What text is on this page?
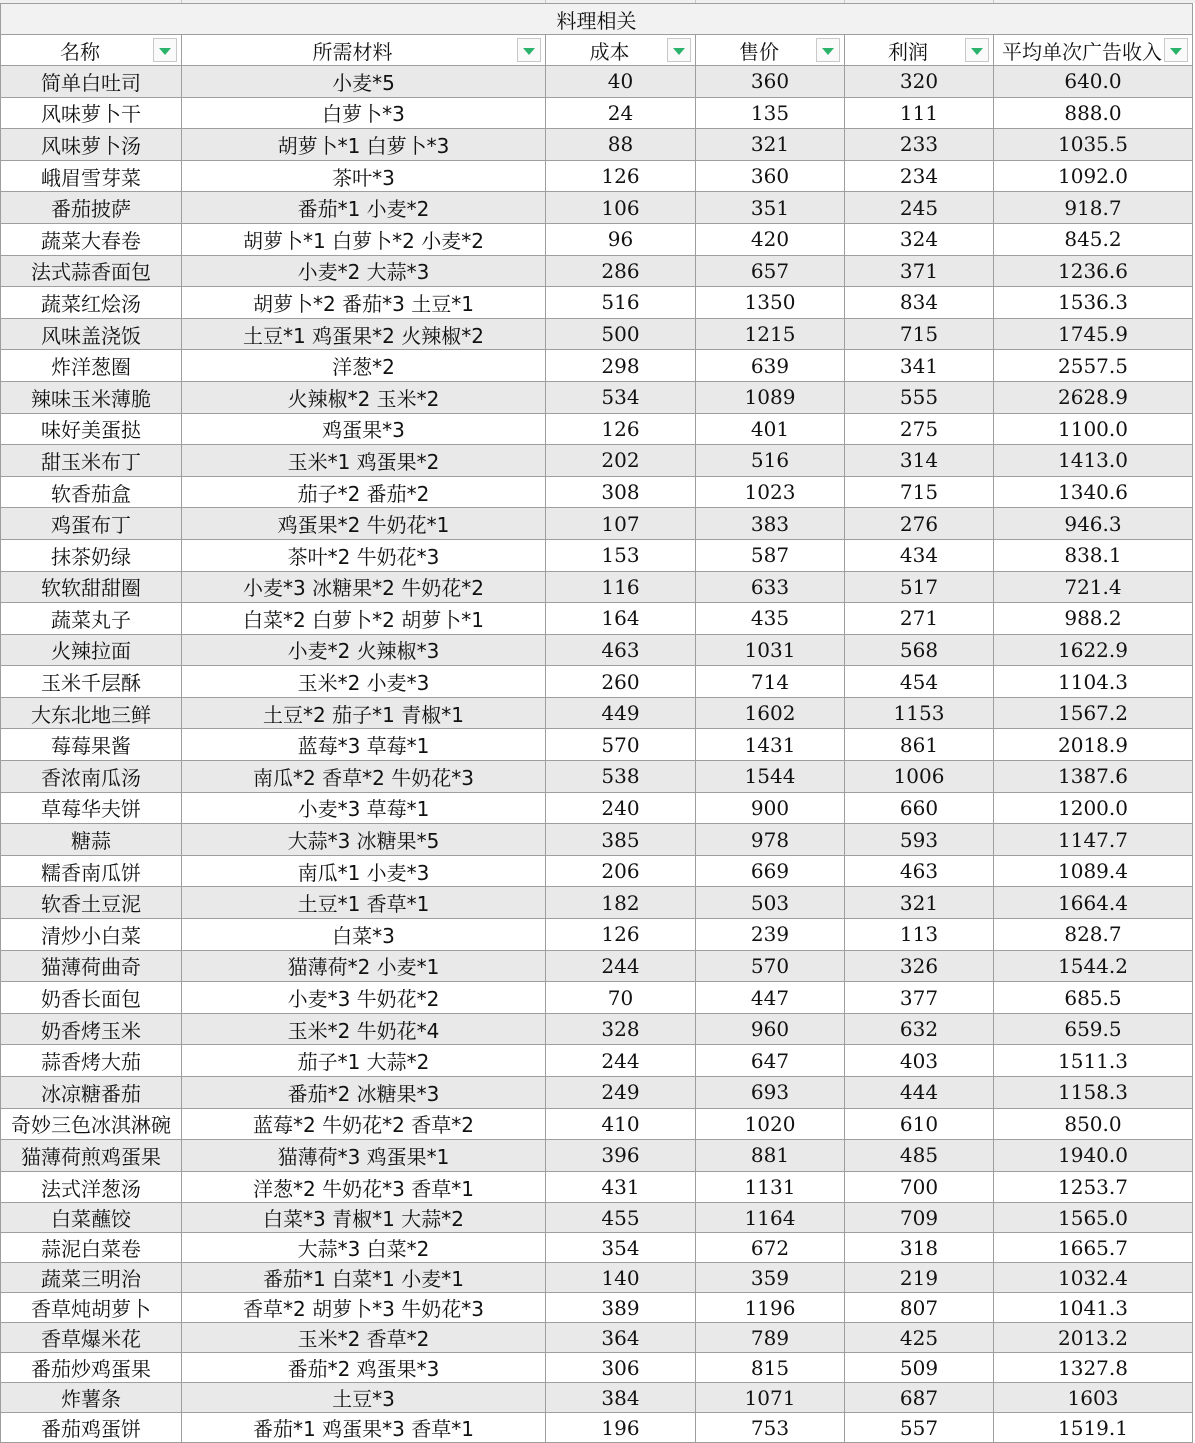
料理相关					

名称	所需材料	成本	售价	利润	平均单次广告收入

简单白吐司	小麦*5	40	360	320	640.0
风味萝卜干	白萝卜*3	24	135	111	888.0
风味萝卜汤	胡萝卜*1 白萝卜*3	88	321	233	1035.5
峨眉雪芽菜	茶叶*3	126	360	234	1092.0
番茄披萨	番茄*1 小麦*2	106	351	245	918.7
蔬菜大春卷	胡萝卜*1 白萝卜*2 小麦*2	96	420	324	845.2
法式蒜香面包	小麦*2 大蒜*3	286	657	371	1236.6
蔬菜红烩汤	胡萝卜*2 番茄*3 土豆*1	516	1350	834	1536.3
风味盖浇饭	土豆*1 鸡蛋果*2 火辣椒*2	500	1215	715	1745.9
炸洋葱圈	洋葱*2	298	639	341	2557.5
辣味玉米薄脆	火辣椒*2 玉米*2	534	1089	555	2628.9
味好美蛋挞	鸡蛋果*3	126	401	275	1100.0
甜玉米布丁	玉米*1 鸡蛋果*2	202	516	314	1413.0
软香茄盒	茄子*2 番茄*2	308	1023	715	1340.6
鸡蛋布丁	鸡蛋果*2 牛奶花*1	107	383	276	946.3
抹茶奶绿	茶叶*2 牛奶花*3	153	587	434	838.1
软软甜甜圈	小麦*3 冰糖果*2 牛奶花*2	116	633	517	721.4
蔬菜丸子	白菜*2 白萝卜*2 胡萝卜*1	164	435	271	988.2
火辣拉面	小麦*2 火辣椒*3	463	1031	568	1622.9
玉米千层酥	玉米*2 小麦*3	260	714	454	1104.3
大东北地三鲜	土豆*2 茄子*1 青椒*1	449	1602	1153	1567.2
莓莓果酱	蓝莓*3 草莓*1	570	1431	861	2018.9
香浓南瓜汤	南瓜*2 香草*2 牛奶花*3	538	1544	1006	1387.6
草莓华夫饼	小麦*3 草莓*1	240	900	660	1200.0
糖蒜	大蒜*3 冰糖果*5	385	978	593	1147.7
糯香南瓜饼	南瓜*1 小麦*3	206	669	463	1089.4
软香土豆泥	土豆*1 香草*1	182	503	321	1664.4
清炒小白菜	白菜*3	126	239	113	828.7
猫薄荷曲奇	猫薄荷*2 小麦*1	244	570	326	1544.2
奶香长面包	小麦*3 牛奶花*2	70	447	377	685.5
奶香烤玉米	玉米*2 牛奶花*4	328	960	632	659.5
蒜香烤大茄	茄子*1 大蒜*2	244	647	403	1511.3
冰凉糖番茄	番茄*2 冰糖果*3	249	693	444	1158.3
奇妙三色冰淇淋碗	蓝莓*2 牛奶花*2 香草*2	410	1020	610	850.0
猫薄荷煎鸡蛋果	猫薄荷*3 鸡蛋果*1	396	881	485	1940.0
法式洋葱汤	洋葱*2 牛奶花*3 香草*1	431	1131	700	1253.7
白菜蘸饺	白菜*3 青椒*1 大蒜*2	455	1164	709	1565.0
蒜泥白菜卷	大蒜*3 白菜*2	354	672	318	1665.7
蔬菜三明治	番茄*1 白菜*1 小麦*1	140	359	219	1032.4
香草炖胡萝卜	香草*2 胡萝卜*3 牛奶花*3	389	1196	807	1041.3
香草爆米花	玉米*2 香草*2	364	789	425	2013.2
番茄炒鸡蛋果	番茄*2 鸡蛋果*3	306	815	509	1327.8
炸薯条	土豆*3	384	1071	687	1603
番茄鸡蛋饼	番茄*1 鸡蛋果*3 香草*1	196	753	557	1519.1
